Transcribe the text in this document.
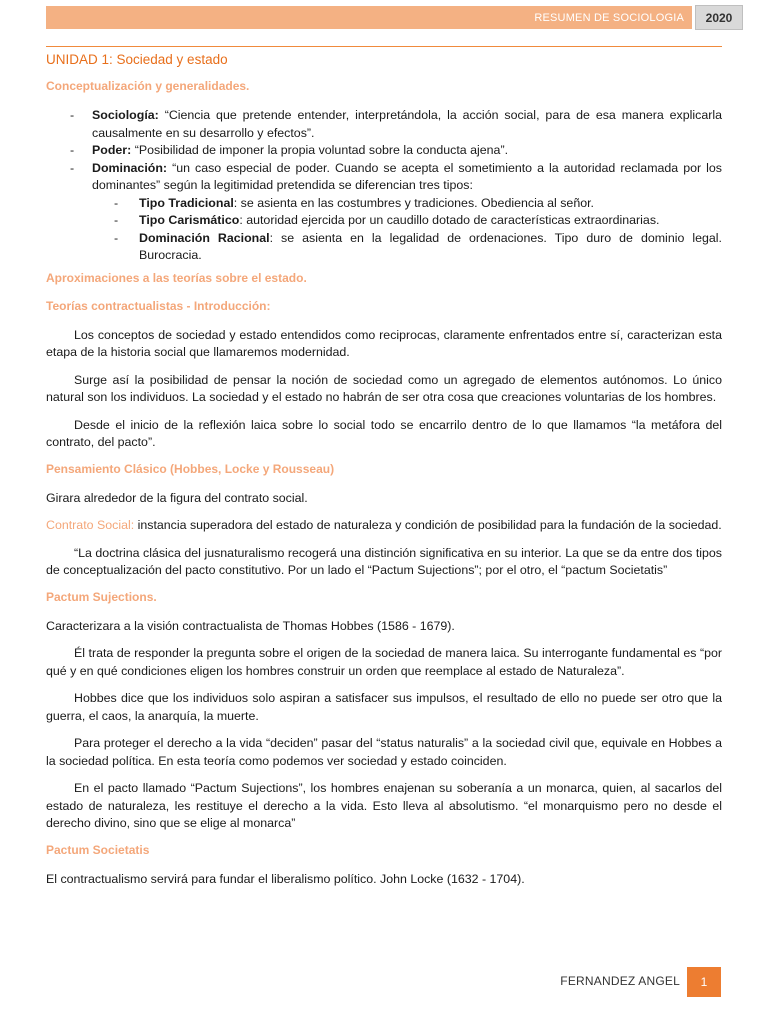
RESUMEN DE SOCIOLOGIA	2020
UNIDAD 1: Sociedad y estado
Conceptualización y generalidades.
- Sociología: “Ciencia que pretende entender, interpretándola, la acción social, para de esa manera explicarla causalmente en su desarrollo y efectos”.
- Poder: “Posibilidad de imponer la propia voluntad sobre la conducta ajena”.
- Dominación: “un caso especial de poder. Cuando se acepta el sometimiento a la autoridad reclamada por los dominantes” según la legitimidad pretendida se diferencian tres tipos:
- Tipo Tradicional: se asienta en las costumbres y tradiciones. Obediencia al señor.
- Tipo Carismático: autoridad ejercida por un caudillo dotado de características extraordinarias.
- Dominación Racional: se asienta en la legalidad de ordenaciones. Tipo duro de dominio legal. Burocracia.
Aproximaciones a las teorías sobre el estado.
Teorías contractualistas - Introducción:

Los conceptos de sociedad y estado entendidos como reciprocas, claramente enfrentados entre sí, caracterizan esta etapa de la historia social que llamaremos modernidad.

Surge así la posibilidad de pensar la noción de sociedad como un agregado de elementos autónomos. Lo único natural son los individuos. La sociedad y el estado no habrán de ser otra cosa que creaciones voluntarias de los hombres.

Desde el inicio de la reflexión laica sobre lo social todo se encarrilo dentro de lo que llamamos “la metáfora del contrato, del pacto”.

Pensamiento Clásico (Hobbes, Locke y Rousseau)

Girara alrededor de la figura del contrato social.

Contrato Social: instancia superadora del estado de naturaleza y condición de posibilidad para la fundación de la sociedad.

“La doctrina clásica del jusnaturalismo recogerá una distinción significativa en su interior. La que se da entre dos tipos de conceptualización del pacto constitutivo. Por un lado el “Pactum Sujections”; por el otro, el “pactum Societatis”

Pactum Sujections.

Caracterizara a la visión contractualista de Thomas Hobbes (1586 - 1679).

Él trata de responder la pregunta sobre el origen de la sociedad de manera laica. Su interrogante fundamental es “por qué y en qué condiciones eligen los hombres construir un orden que reemplace al estado de Naturaleza”.

Hobbes dice que los individuos solo aspiran a satisfacer sus impulsos, el resultado de ello no puede ser otro que la guerra, el caos, la anarquía, la muerte.

Para proteger el derecho a la vida “deciden” pasar del “status naturalis” a la sociedad civil que, equivale en Hobbes a la sociedad política. En esta teoría como podemos ver sociedad y estado coinciden.

En el pacto llamado “Pactum Sujections”, los hombres enajenan su soberanía a un monarca, quien, al sacarlos del estado de naturaleza, les restituye el derecho a la vida. Esto lleva al absolutismo. “el monarquismo pero no desde el derecho divino, sino que se elige al monarca”

Pactum Societatis

El contractualismo servirá para fundar el liberalismo político. John Locke (1632 - 1704).

FERNANDEZ ANGEL	1
